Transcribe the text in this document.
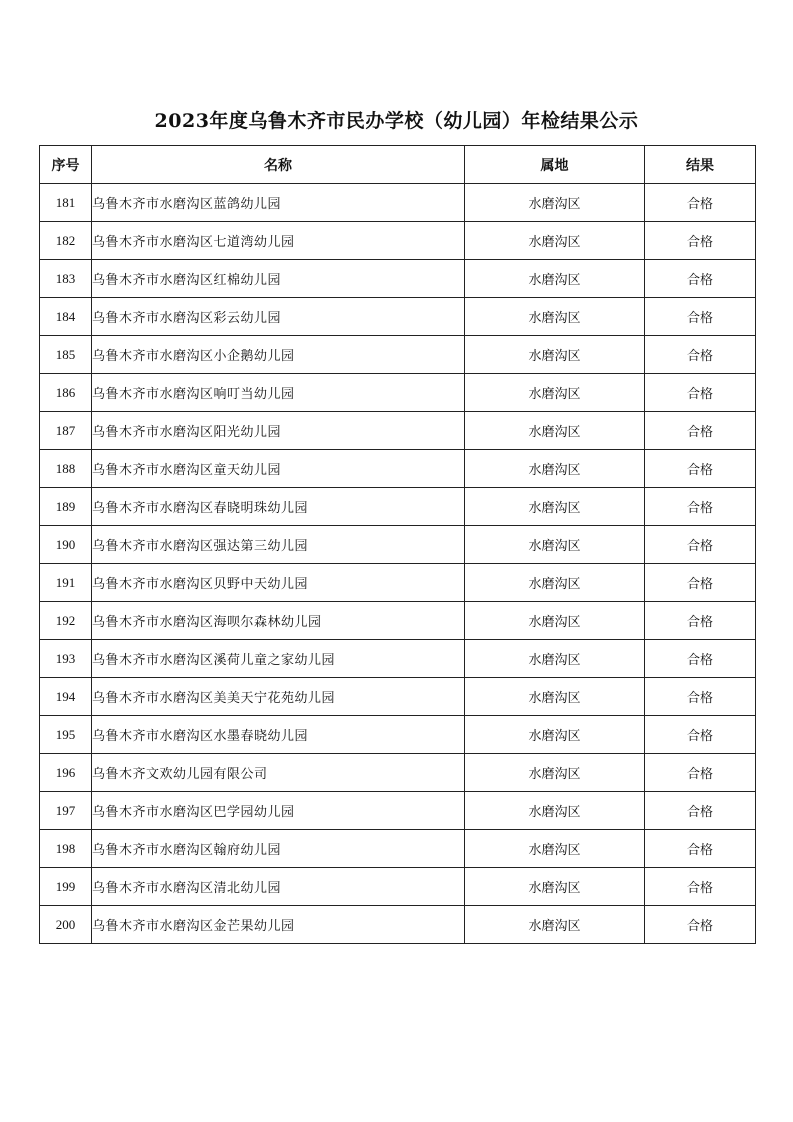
2023年度乌鲁木齐市民办学校（幼儿园）年检结果公示
序号	名称	属地	结果
181	乌鲁木齐市水磨沟区蓝鸽幼儿园	水磨沟区	合格
182	乌鲁木齐市水磨沟区七道湾幼儿园	水磨沟区	合格
183	乌鲁木齐市水磨沟区红棉幼儿园	水磨沟区	合格
184	乌鲁木齐市水磨沟区彩云幼儿园	水磨沟区	合格
185	乌鲁木齐市水磨沟区小企鹅幼儿园	水磨沟区	合格
186	乌鲁木齐市水磨沟区响叮当幼儿园	水磨沟区	合格
187	乌鲁木齐市水磨沟区阳光幼儿园	水磨沟区	合格
188	乌鲁木齐市水磨沟区童天幼儿园	水磨沟区	合格
189	乌鲁木齐市水磨沟区春晓明珠幼儿园	水磨沟区	合格
190	乌鲁木齐市水磨沟区强达第三幼儿园	水磨沟区	合格
191	乌鲁木齐市水磨沟区贝野中天幼儿园	水磨沟区	合格
192	乌鲁木齐市水磨沟区海呗尔森林幼儿园	水磨沟区	合格
193	乌鲁木齐市水磨沟区溪荷儿童之家幼儿园	水磨沟区	合格
194	乌鲁木齐市水磨沟区美美天宁花苑幼儿园	水磨沟区	合格
195	乌鲁木齐市水磨沟区水墨春晓幼儿园	水磨沟区	合格
196	乌鲁木齐文欢幼儿园有限公司	水磨沟区	合格
197	乌鲁木齐市水磨沟区巴学园幼儿园	水磨沟区	合格
198	乌鲁木齐市水磨沟区翰府幼儿园	水磨沟区	合格
199	乌鲁木齐市水磨沟区清北幼儿园	水磨沟区	合格
200	乌鲁木齐市水磨沟区金芒果幼儿园	水磨沟区	合格
